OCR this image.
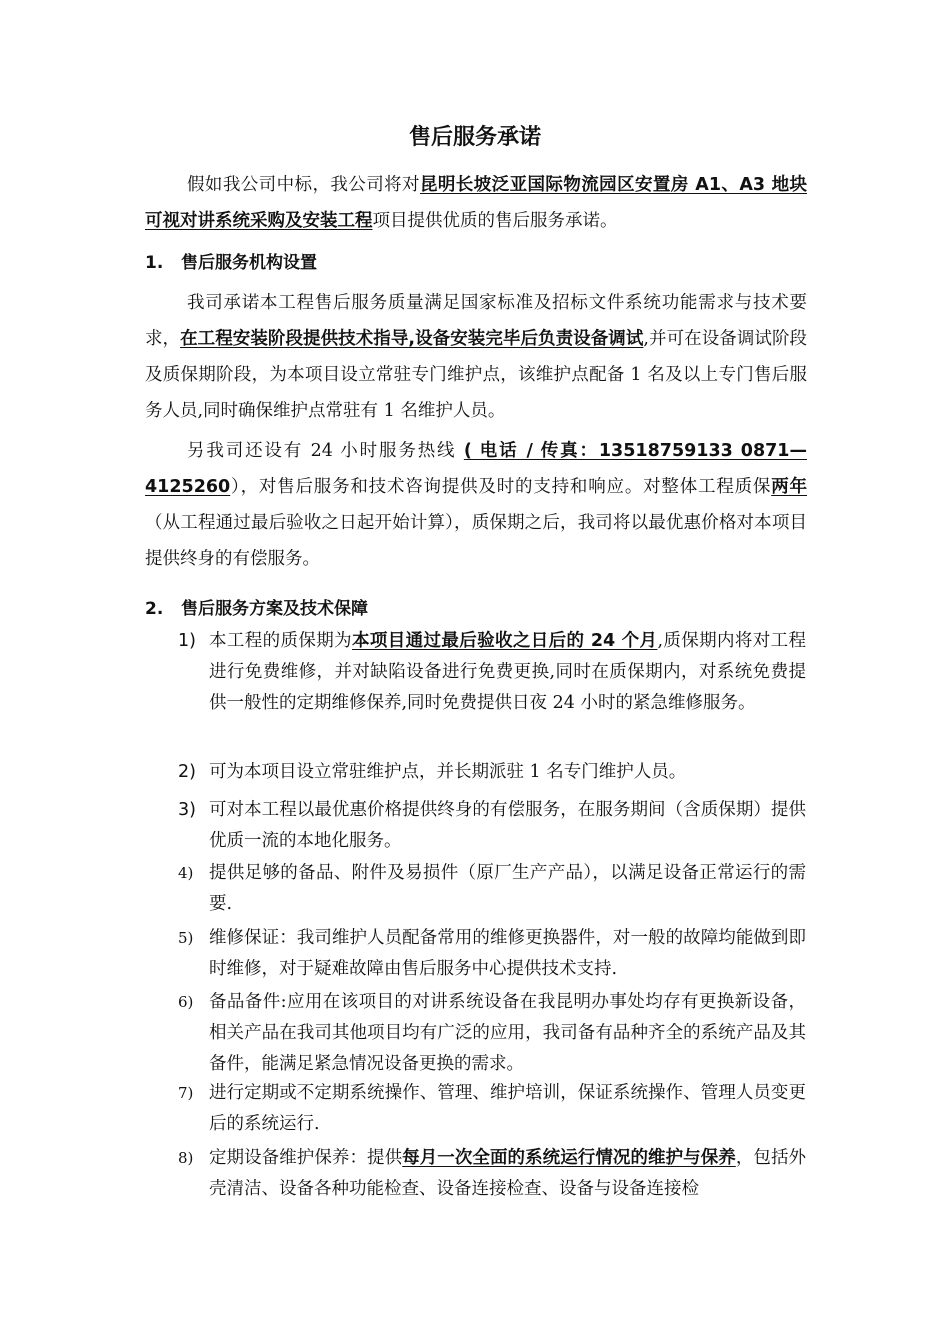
售后服务承诺
假如我公司中标，我公司将对昆明长坡泛亚国际物流园区安置房 A1、A3 地块可视对讲系统采购及安装工程项目提供优质的售后服务承诺。
1. 售后服务机构设置
我司承诺本工程售后服务质量满足国家标准及招标文件系统功能需求与技术要求，在工程安装阶段提供技术指导,设备安装完毕后负责设备调试,并可在设备调试阶段及质保期阶段，为本项目设立常驻专门维护点，该维护点配备 1 名及以上专门售后服务人员,同时确保维护点常驻有 1 名维护人员。
另我司还设有 24 小时服务热线 ( 电话 / 传真：13518759133 0871—4125260），对售后服务和技术咨询提供及时的支持和响应。对整体工程质保两年（从工程通过最后验收之日起开始计算），质保期之后，我司将以最优惠价格对本项目提供终身的有偿服务。
2. 售后服务方案及技术保障
1) 本工程的质保期为本项目通过最后验收之日后的 24 个月,质保期内将对工程进行免费维修，并对缺陷设备进行免费更换,同时在质保期内，对系统免费提供一般性的定期维修保养,同时免费提供日夜 24 小时的紧急维修服务。
2) 可为本项目设立常驻维护点，并长期派驻 1 名专门维护人员。
3) 可对本工程以最优惠价格提供终身的有偿服务，在服务期间（含质保期）提供优质一流的本地化服务。
4) 提供足够的备品、附件及易损件（原厂生产产品），以满足设备正常运行的需要.
5) 维修保证：我司维护人员配备常用的维修更换器件，对一般的故障均能做到即时维修，对于疑难故障由售后服务中心提供技术支持.
6) 备品备件:应用在该项目的对讲系统设备在我昆明办事处均存有更换新设备，相关产品在我司其他项目均有广泛的应用，我司备有品种齐全的系统产品及其备件，能满足紧急情况设备更换的需求。
7) 进行定期或不定期系统操作、管理、维护培训，保证系统操作、管理人员变更后的系统运行.
8) 定期设备维护保养：提供每月一次全面的系统运行情况的维护与保养，包括外壳清洁、设备各种功能检查、设备连接检查、设备与设备连接检
